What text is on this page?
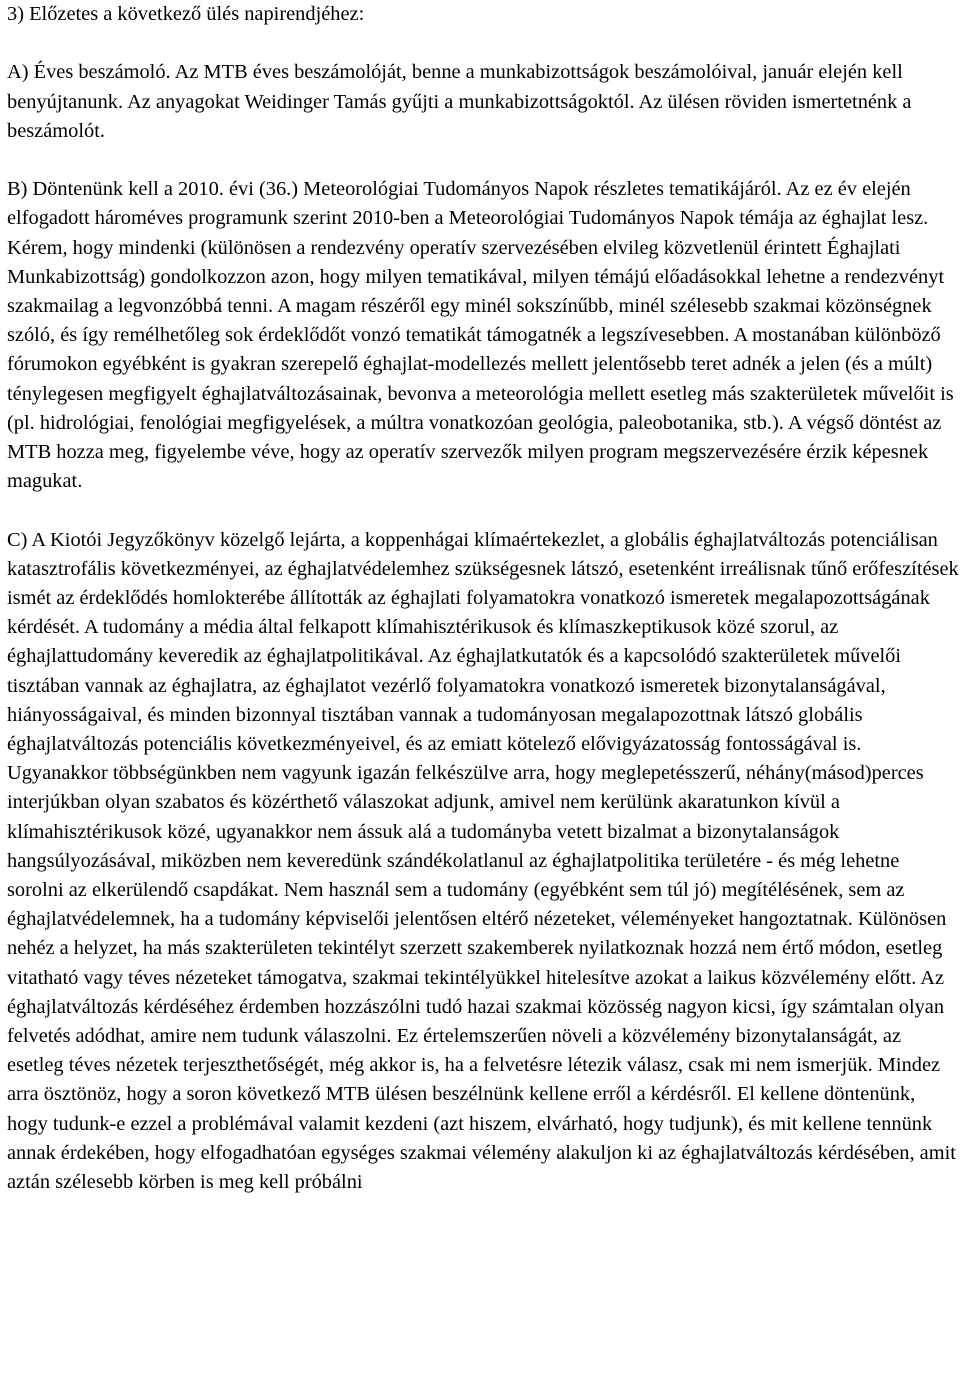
3) Előzetes a következő ülés napirendjéhez:

A) Éves beszámoló. Az MTB éves beszámolóját, benne a munkabizottságok beszámolóival, január elején kell benyújtanunk. Az anyagokat Weidinger Tamás gyűjti a munkabizottságoktól. Az ülésen röviden ismertetnénk a beszámolót.

B) Döntenünk kell a 2010. évi (36.) Meteorológiai Tudományos Napok részletes tematikájáról. Az ez év elején elfogadott hároméves programunk szerint 2010-ben a Meteorológiai Tudományos Napok témája az éghajlat lesz. Kérem, hogy mindenki (különösen a rendezvény operatív szervezésében elvileg közvetlenül érintett Éghajlati Munkabizottság) gondolkozzon azon, hogy milyen tematikával, milyen témájú előadásokkal lehetne a rendezvényt szakmailag a legvonzóbbá tenni. A magam részéről egy minél sokszínűbb, minél szélesebb szakmai közönségnek szóló, és így remélhetőleg sok érdeklődőt vonzó tematikát támogatnék a legszívesebben. A mostanában különböző fórumokon egyébként is gyakran szerepelő éghajlat-modellezés mellett jelentősebb teret adnék a jelen (és a múlt) ténylegesen megfigyelt éghajlatváltozásainak, bevonva a meteorológia mellett esetleg más szakterületek művelőit is (pl. hidrológiai, fenológiai megfigyelések, a múltra vonatkozóan geológia, paleobotanika, stb.). A végső döntést az MTB hozza meg, figyelembe véve, hogy az operatív szervezők milyen program megszervezésére érzik képesnek magukat.

C) A Kiotói Jegyzőkönyv közelgő lejárta, a koppenhágai klímaértekezlet, a globális éghajlatváltozás potenciálisan katasztrofális következményei, az éghajlatvédelemhez szükségesnek látszó, esetenként irreálisnak tűnő erőfeszítések ismét az érdeklődés homlokterébe állították az éghajlati folyamatokra vonatkozó ismeretek megalapozottságának kérdését. A tudomány a média által felkapott klímahisztérikusok és klímaszkeptikusok közé szorul, az éghajlattudomány keveredik az éghajlatpolitikával. Az éghajlatkutatók és a kapcsolódó szakterületek művelői tisztában vannak az éghajlatra, az éghajlatot vezérlő folyamatokra vonatkozó ismeretek bizonytalanságával, hiányosságaival, és minden bizonnyal tisztában vannak a tudományosan megalapozottnak látszó globális éghajlatváltozás potenciális következményeivel, és az emiatt kötelező elővigyázatosság fontosságával is. Ugyanakkor többségünkben nem vagyunk igazán felkészülve arra, hogy meglepetésszerű, néhány(másod)perces interjúkban olyan szabatos és közérthető válaszokat adjunk, amivel nem kerülünk akaratunkon kívül a klímahisztérikusok közé, ugyanakkor nem ássuk alá a tudományba vetett bizalmat a bizonytalanságok hangsúlyozásával, miközben nem keveredünk szándékolatlanul az éghajlatpolitika területére - és még lehetne sorolni az elkerülendő csapdákat. Nem használ sem a tudomány (egyébként sem túl jó) megítélésének, sem az éghajlatvédelemnek, ha a tudomány képviselői jelentősen eltérő nézeteket, véleményeket hangoztatnak. Különösen nehéz a helyzet, ha más szakterületen tekintélyt szerzett szakemberek nyilatkoznak hozzá nem értő módon, esetleg vitatható vagy téves nézeteket támogatva, szakmai tekintélyükkel hitelesítve azokat a laikus közvélemény előtt. Az éghajlatváltozás kérdéséhez érdemben hozzászólni tudó hazai szakmai közösség nagyon kicsi, így számtalan olyan felvetés adódhat, amire nem tudunk válaszolni. Ez értelemszerűen növeli a közvélemény bizonytalanságát, az esetleg téves nézetek terjeszthetőségét, még akkor is, ha a felvetésre létezik válasz, csak mi nem ismerjük. Mindez arra ösztönöz, hogy a soron következő MTB ülésen beszélnünk kellene erről a kérdésről. El kellene döntenünk, hogy tudunk-e ezzel a problémával valamit kezdeni (azt hiszem, elvárható, hogy tudjunk), és mit kellene tennünk annak érdekében, hogy elfogadhatóan egységes szakmai vélemény alakuljon ki az éghajlatváltozás kérdésében, amit aztán szélesebb körben is meg kell próbálni
